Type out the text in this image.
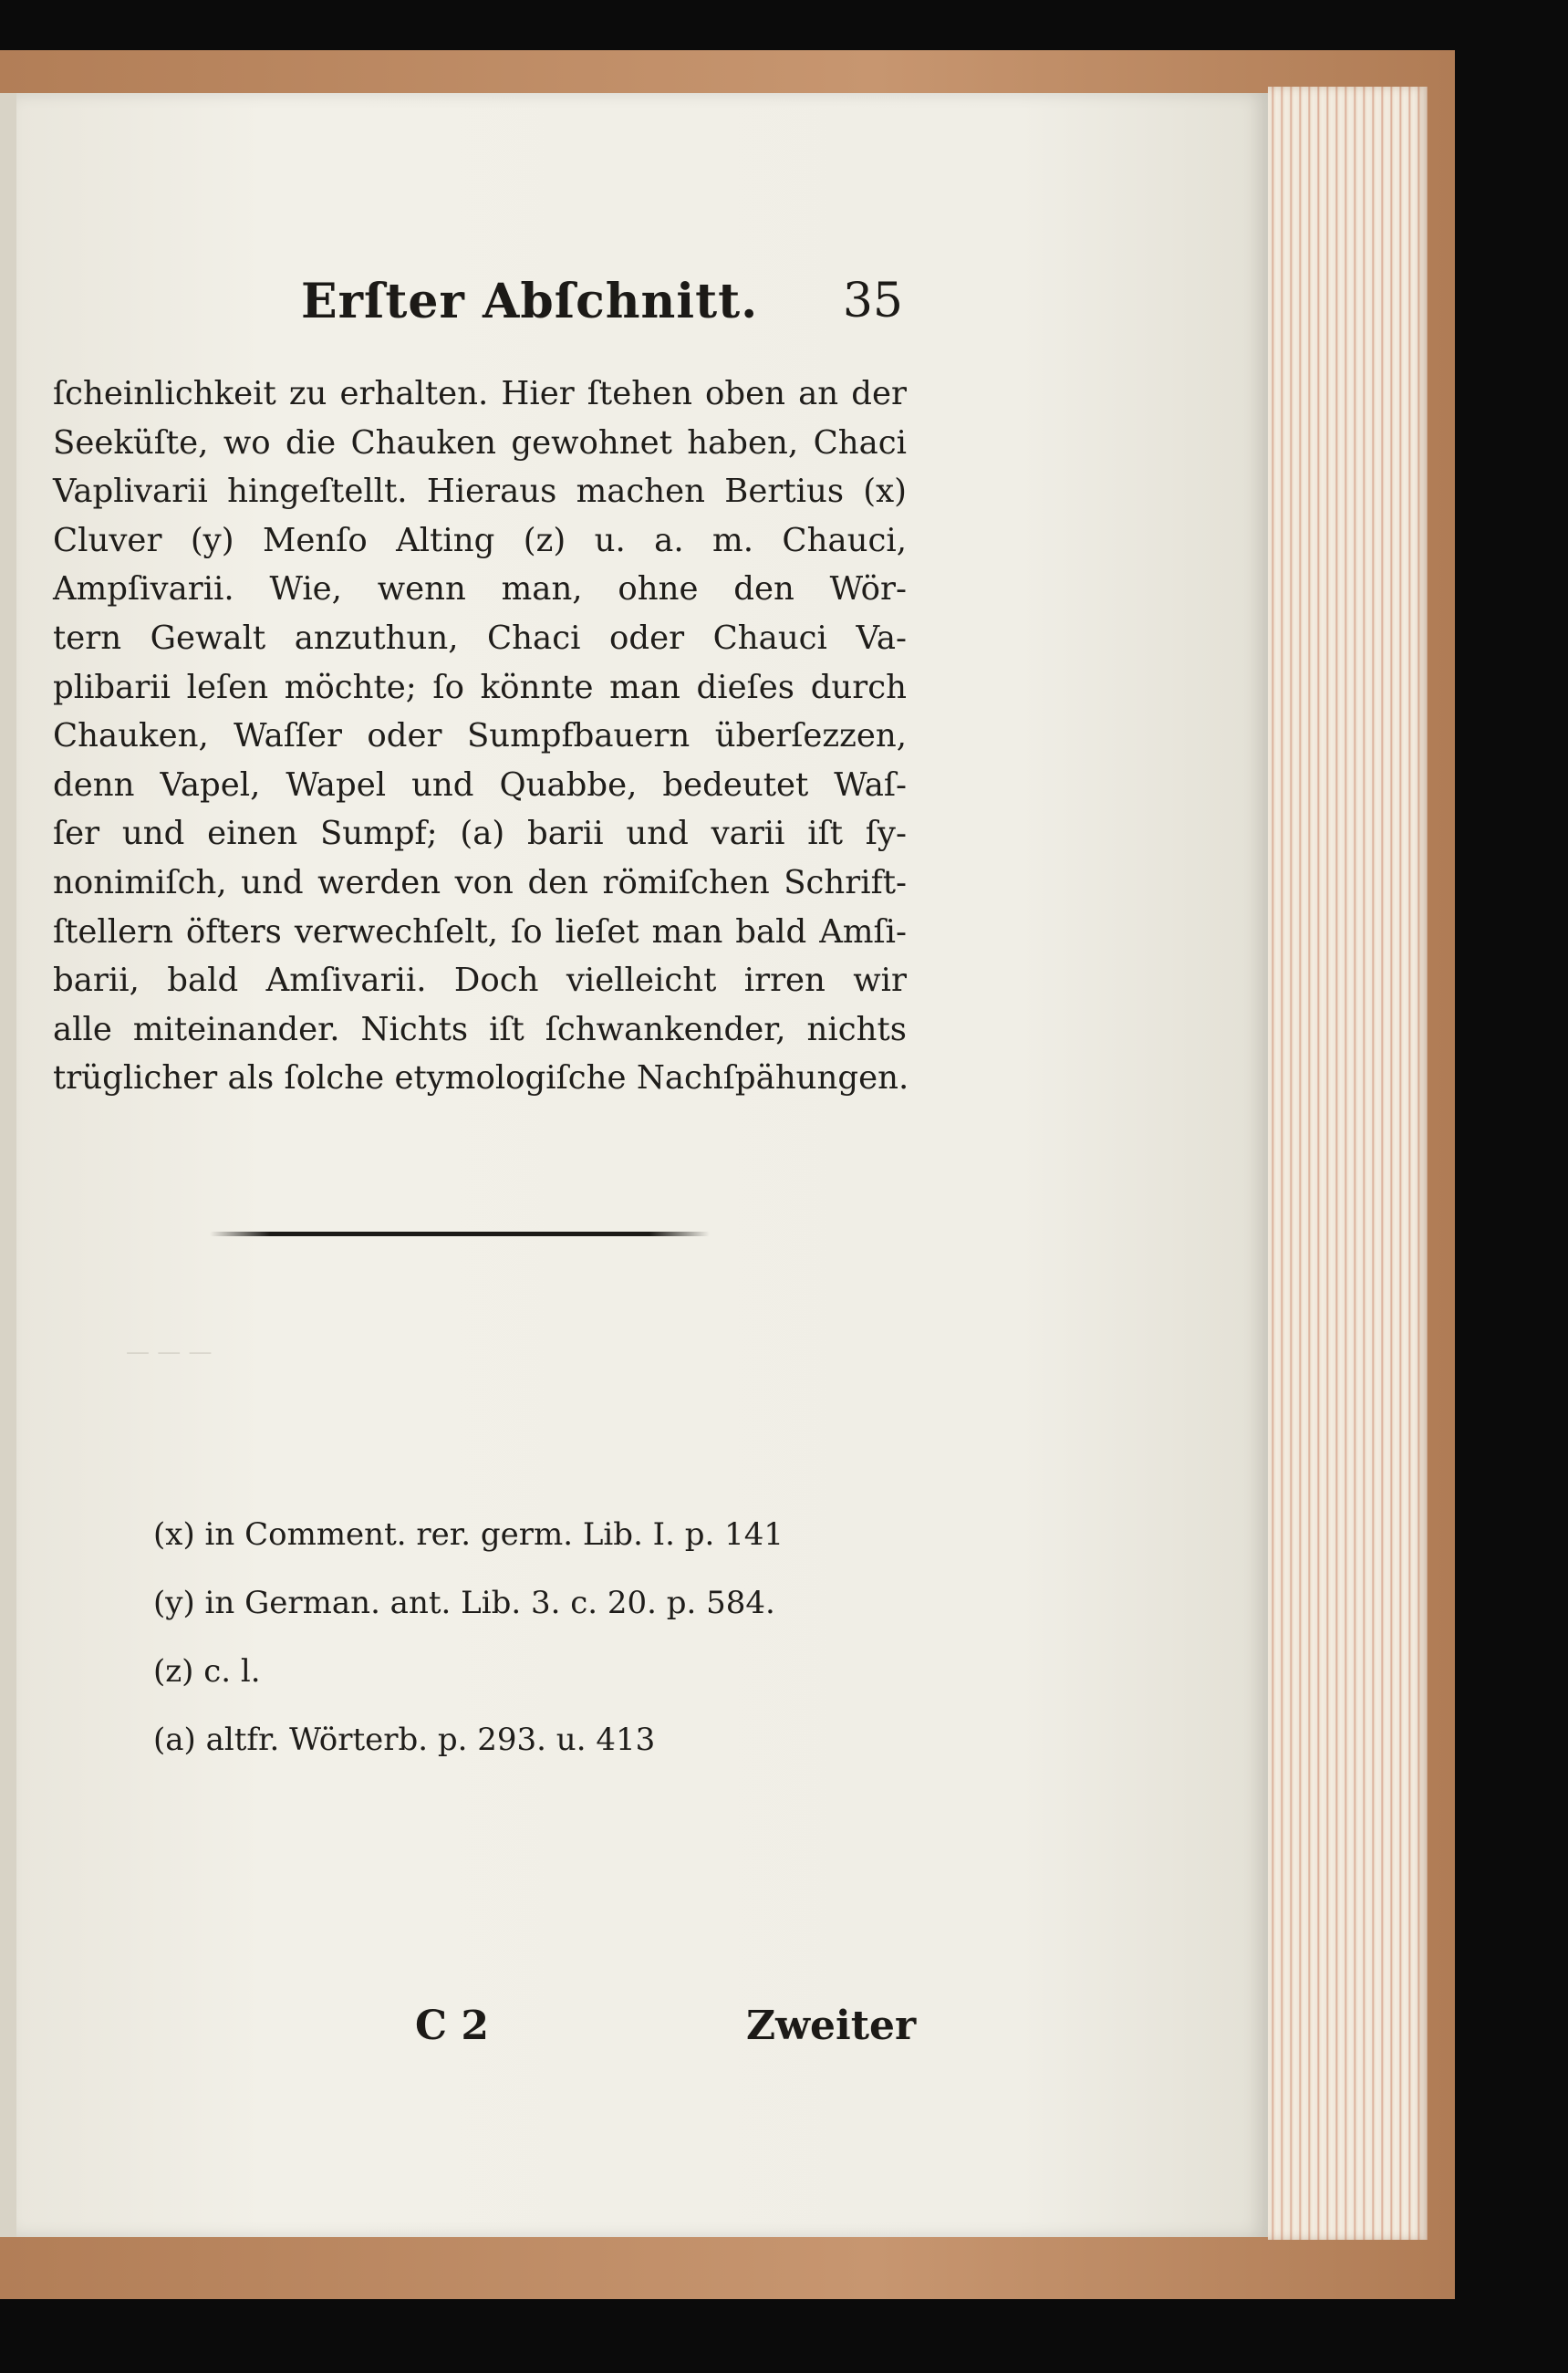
— — —
Erſter Abſchnitt. 35
ſcheinlichkeit zu erhalten. Hier ſtehen oben an der
Seeküſte, wo die Chauken gewohnet haben, Chaci
Vaplivarii hingeſtellt. Hieraus machen Bertius (x)
Cluver (y) Menſo Alting (z) u. a. m. Chauci,
Ampſivarii. Wie, wenn man, ohne den Wör-
tern Gewalt anzuthun, Chaci oder Chauci Va-
plibarii leſen möchte; ſo könnte man dieſes durch
Chauken, Waſſer oder Sumpfbauern überſezzen,
denn Vapel, Wapel und Quabbe, bedeutet Waſ-
ſer und einen Sumpf; (a) barii und varii iſt ſy-
nonimiſch, und werden von den römiſchen Schrift-
ſtellern öfters verwechſelt, ſo lieſet man bald Amſi-
barii, bald Amſivarii. Doch vielleicht irren wir
alle miteinander. Nichts iſt ſchwankender, nichts
trüglicher als ſolche etymologiſche Nachſpähungen.
(x) in Comment. rer. germ. Lib. I. p. 141
(y) in German. ant. Lib. 3. c. 20. p. 584.
(z) c. l.
(a) altfr. Wörterb. p. 293. u. 413
C 2	Zweiter
